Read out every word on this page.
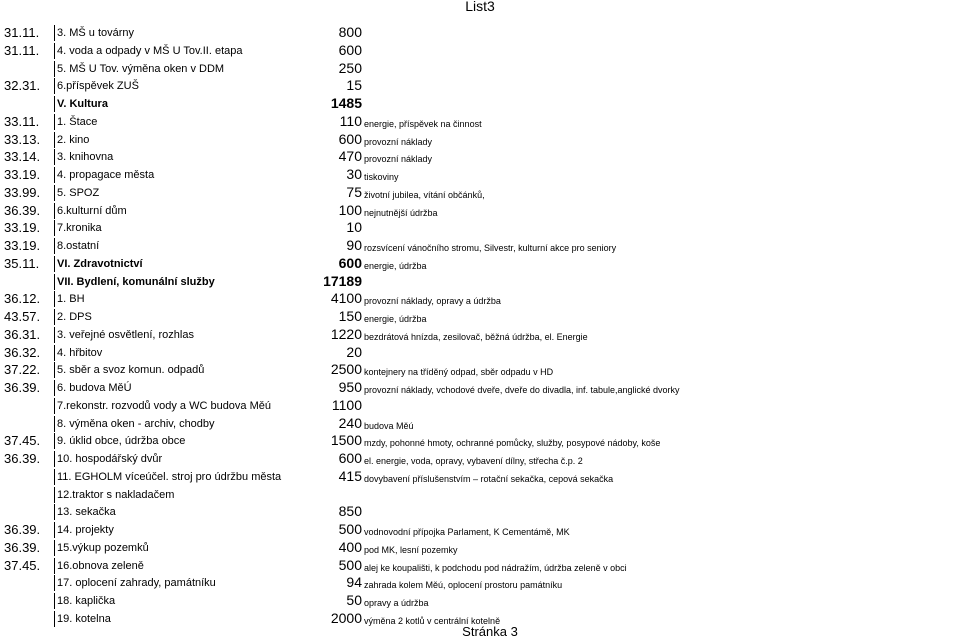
List3
31.11. 3. MŠ u továrny	800
31.11. 4. voda a odpady v MŠ U Tov.II. etapa	600
5. MŠ U Tov. výměna oken v DDM	250
32.31. 6.příspěvek ZUŠ	15
V. Kultura	1485
33.11. 1. Štace	110 energie, příspěvek na činnost
33.13. 2. kino	600 provozní náklady
33.14. 3. knihovna	470 provozní náklady
33.19. 4. propagace města	30 tiskoviny
33.99. 5. SPOZ	75 životní jubilea, vítání občánků,
36.39. 6.kulturní dům	100 nejnutnější údržba
33.19. 7.kronika	10
33.19. 8.ostatní	90 rozsvícení vánočního stromu, Silvestr, kulturní akce pro seniory
35.11. VI. Zdravotnictví	600 energie, údržba
VII. Bydlení, komunální služby	17189
36.12. 1. BH	4100 provozní náklady, opravy a údržba
43.57. 2. DPS	150 energie, údržba
36.31. 3. veřejné osvětlení, rozhlas	1220 bezdrátová hnízda, zesilovač, běžná údržba, el. Energie
36.32. 4. hřbitov	20
37.22. 5. sběr a svoz komun. odpadů	2500 kontejnery na tříděný odpad, sběr odpadu v HD
36.39. 6. budova MěÚ	950 provozní náklady, vchodové dveře, dveře do divadla, inf. tabule,anglické dvorky
7.rekonstr. rozvodů vody a WC budova Měú	1100
8. výměna oken - archiv, chodby	240 budova Měú
37.45. 9. úklid obce, údržba obce	1500 mzdy, pohonné hmoty, ochranné pomůcky, služby, posypové nádoby, koše
36.39. 10. hospodářský dvůr	600 el. energie, voda, opravy, vybavení dílny, střecha č.p. 2
11. EGHOLM víceúčel. stroj pro údržbu města	415 dovybavení příslušenstvím – rotační sekačka, cepová sekačka
12.traktor s nakladačem
13. sekačka	850
36.39. 14. projekty	500 vodnovodní přípojka Parlament, K Cementámě, MK
36.39. 15.výkup pozemků	400 pod MK, lesní pozemky
37.45. 16.obnova zeleně	500 alej ke koupališti, k podchodu pod nádražím, údržba zeleně v obci
17. oplocení zahrady, památníku	94 zahrada kolem Měú, oplocení prostoru památníku
18. kaplička	50 opravy a údržba
19. kotelna	2000 výměna 2 kotlů v centrální kotelně
Stránka 3
